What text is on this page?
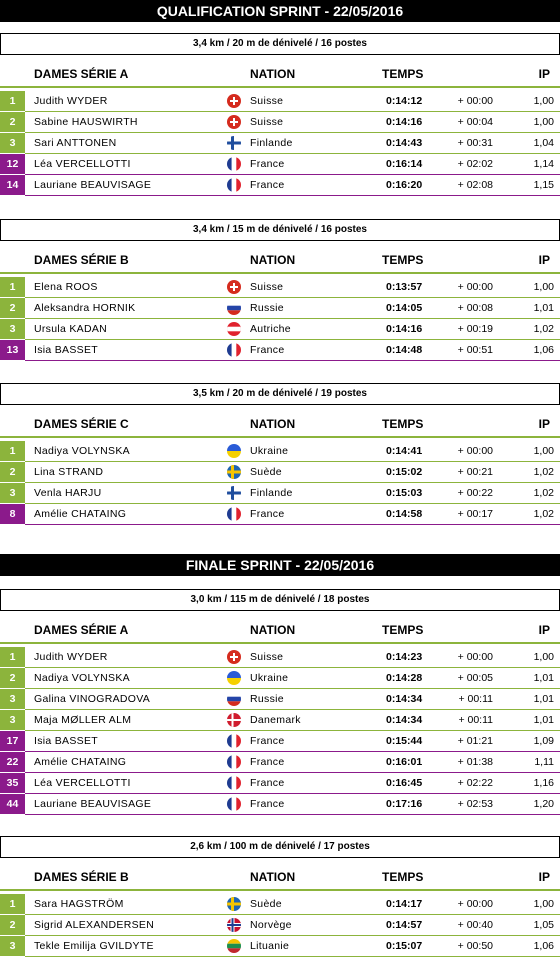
QUALIFICATION SPRINT - 22/05/2016
3,4 km / 20 m de dénivelé / 16 postes
DAMES SÉRIE A	NATION	TEMPS	IP
1	Judith WYDER	Suisse	0:14:12	+ 00:00	1,00
2	Sabine HAUSWIRTH	Suisse	0:14:16	+ 00:04	1,00
3	Sari ANTTONEN	Finlande	0:14:43	+ 00:31	1,04
12	Léa VERCELLOTTI	France	0:16:14	+ 02:02	1,14
14	Lauriane BEAUVISAGE	France	0:16:20	+ 02:08	1,15
3,4 km / 15 m de dénivelé / 16 postes
DAMES SÉRIE B	NATION	TEMPS	IP
1	Elena ROOS	Suisse	0:13:57	+ 00:00	1,00
2	Aleksandra HORNIK	Russie	0:14:05	+ 00:08	1,01
3	Ursula KADAN	Autriche	0:14:16	+ 00:19	1,02
13	Isia BASSET	France	0:14:48	+ 00:51	1,06
3,5 km / 20 m de dénivelé / 19 postes
DAMES SÉRIE C	NATION	TEMPS	IP
1	Nadiya VOLYNSKA	Ukraine	0:14:41	+ 00:00	1,00
2	Lina STRAND	Suède	0:15:02	+ 00:21	1,02
3	Venla HARJU	Finlande	0:15:03	+ 00:22	1,02
8	Amélie CHATAING	France	0:14:58	+ 00:17	1,02
FINALE SPRINT - 22/05/2016
3,0 km / 115 m de dénivelé / 18 postes
DAMES SÉRIE A	NATION	TEMPS	IP
1	Judith WYDER	Suisse	0:14:23	+ 00:00	1,00
2	Nadiya VOLYNSKA	Ukraine	0:14:28	+ 00:05	1,01
3	Galina VINOGRADOVA	Russie	0:14:34	+ 00:11	1,01
3	Maja MØLLER ALM	Danemark	0:14:34	+ 00:11	1,01
17	Isia BASSET	France	0:15:44	+ 01:21	1,09
22	Amélie CHATAING	France	0:16:01	+ 01:38	1,11
35	Léa VERCELLOTTI	France	0:16:45	+ 02:22	1,16
44	Lauriane BEAUVISAGE	France	0:17:16	+ 02:53	1,20
2,6 km / 100 m de dénivelé / 17 postes
DAMES SÉRIE B	NATION	TEMPS	IP
1	Sara HAGSTRÖM	Suède	0:14:17	+ 00:00	1,00
2	Sigrid ALEXANDERSEN	Norvège	0:14:57	+ 00:40	1,05
3	Tekle Emilija GVILDYTE	Lituanie	0:15:07	+ 00:50	1,06
